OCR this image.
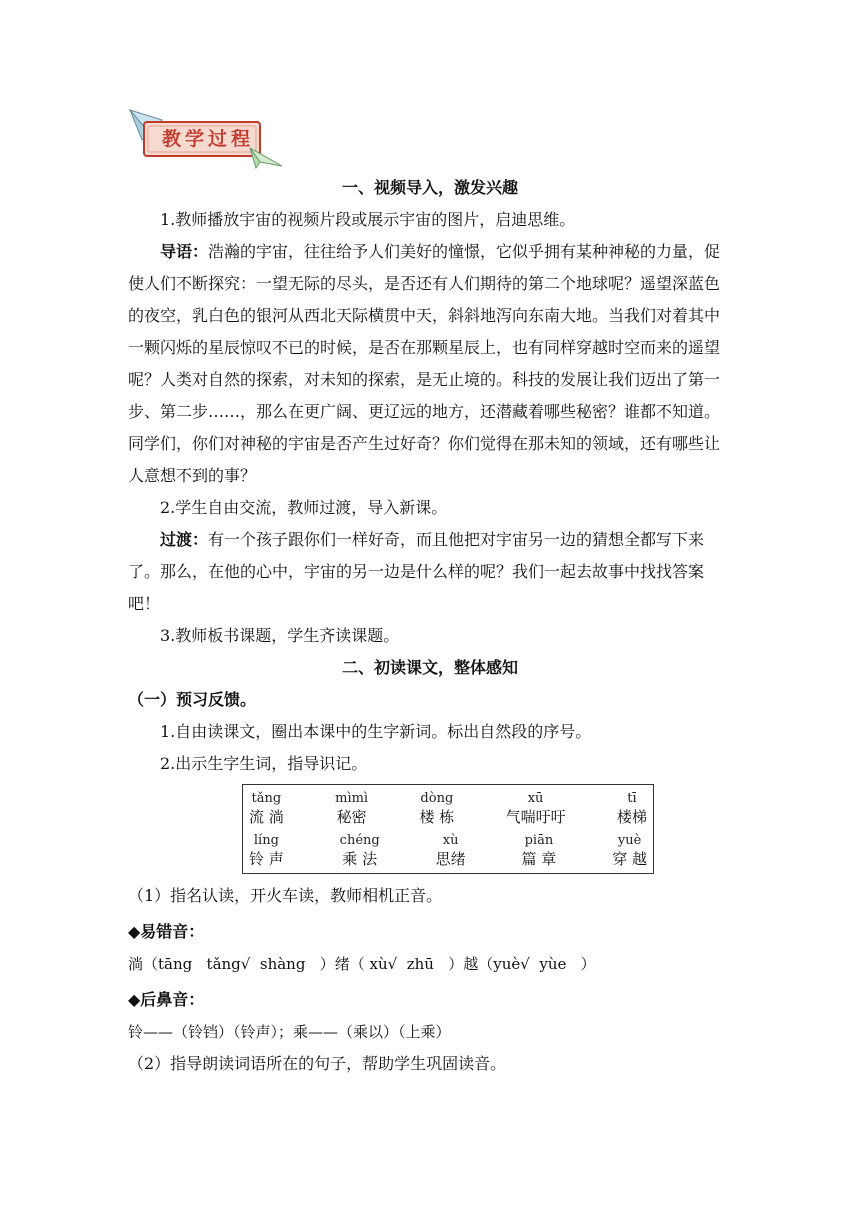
教学过程

一、视频导入，激发兴趣

1.教师播放宇宙的视频片段或展示宇宙的图片，启迪思维。

导语：浩瀚的宇宙，往往给予人们美好的憧憬，它似乎拥有某种神秘的力量，促使人们不断探究：一望无际的尽头，是否还有人们期待的第二个地球呢？遥望深蓝色的夜空，乳白色的银河从西北天际横贯中天，斜斜地泻向东南大地。当我们对着其中一颗闪烁的星辰惊叹不已的时候，是否在那颗星辰上，也有同样穿越时空而来的遥望呢？人类对自然的探索，对未知的探索，是无止境的。科技的发展让我们迈出了第一步、第二步……，那么在更广阔、更辽远的地方，还潜藏着哪些秘密？谁都不知道。同学们，你们对神秘的宇宙是否产生过好奇？你们觉得在那未知的领域，还有哪些让人意想不到的事？

2.学生自由交流，教师过渡，导入新课。

过渡：有一个孩子跟你们一样好奇，而且他把对宇宙另一边的猜想全都写下来了。那么，在他的心中，宇宙的另一边是什么样的呢？我们一起去故事中找找答案吧！

3.教师板书课题，学生齐读课题。

二、初读课文，整体感知

（一）预习反馈。

1.自由读课文，圈出本课中的生字新词。标出自然段的序号。

2.出示生字生词，指导识记。

tǎng
流 淌
mìmì
秘密
dòng
楼 栋
xū
气喘吁吁
tī
楼梯
líng
铃 声
chéng
乘 法
xù
思绪
piān
篇 章
yuè
穿 越

（1）指名认读，开火车读，教师相机正音。

◆易错音：

淌（tāng   tǎng√  shàng   ）绪（ xù√  zhū   ）越（yuè√  yùe   ）

◆后鼻音：

铃——（铃铛）（铃声）；乘——（乘以）（上乘）

（2）指导朗读词语所在的句子，帮助学生巩固读音。
